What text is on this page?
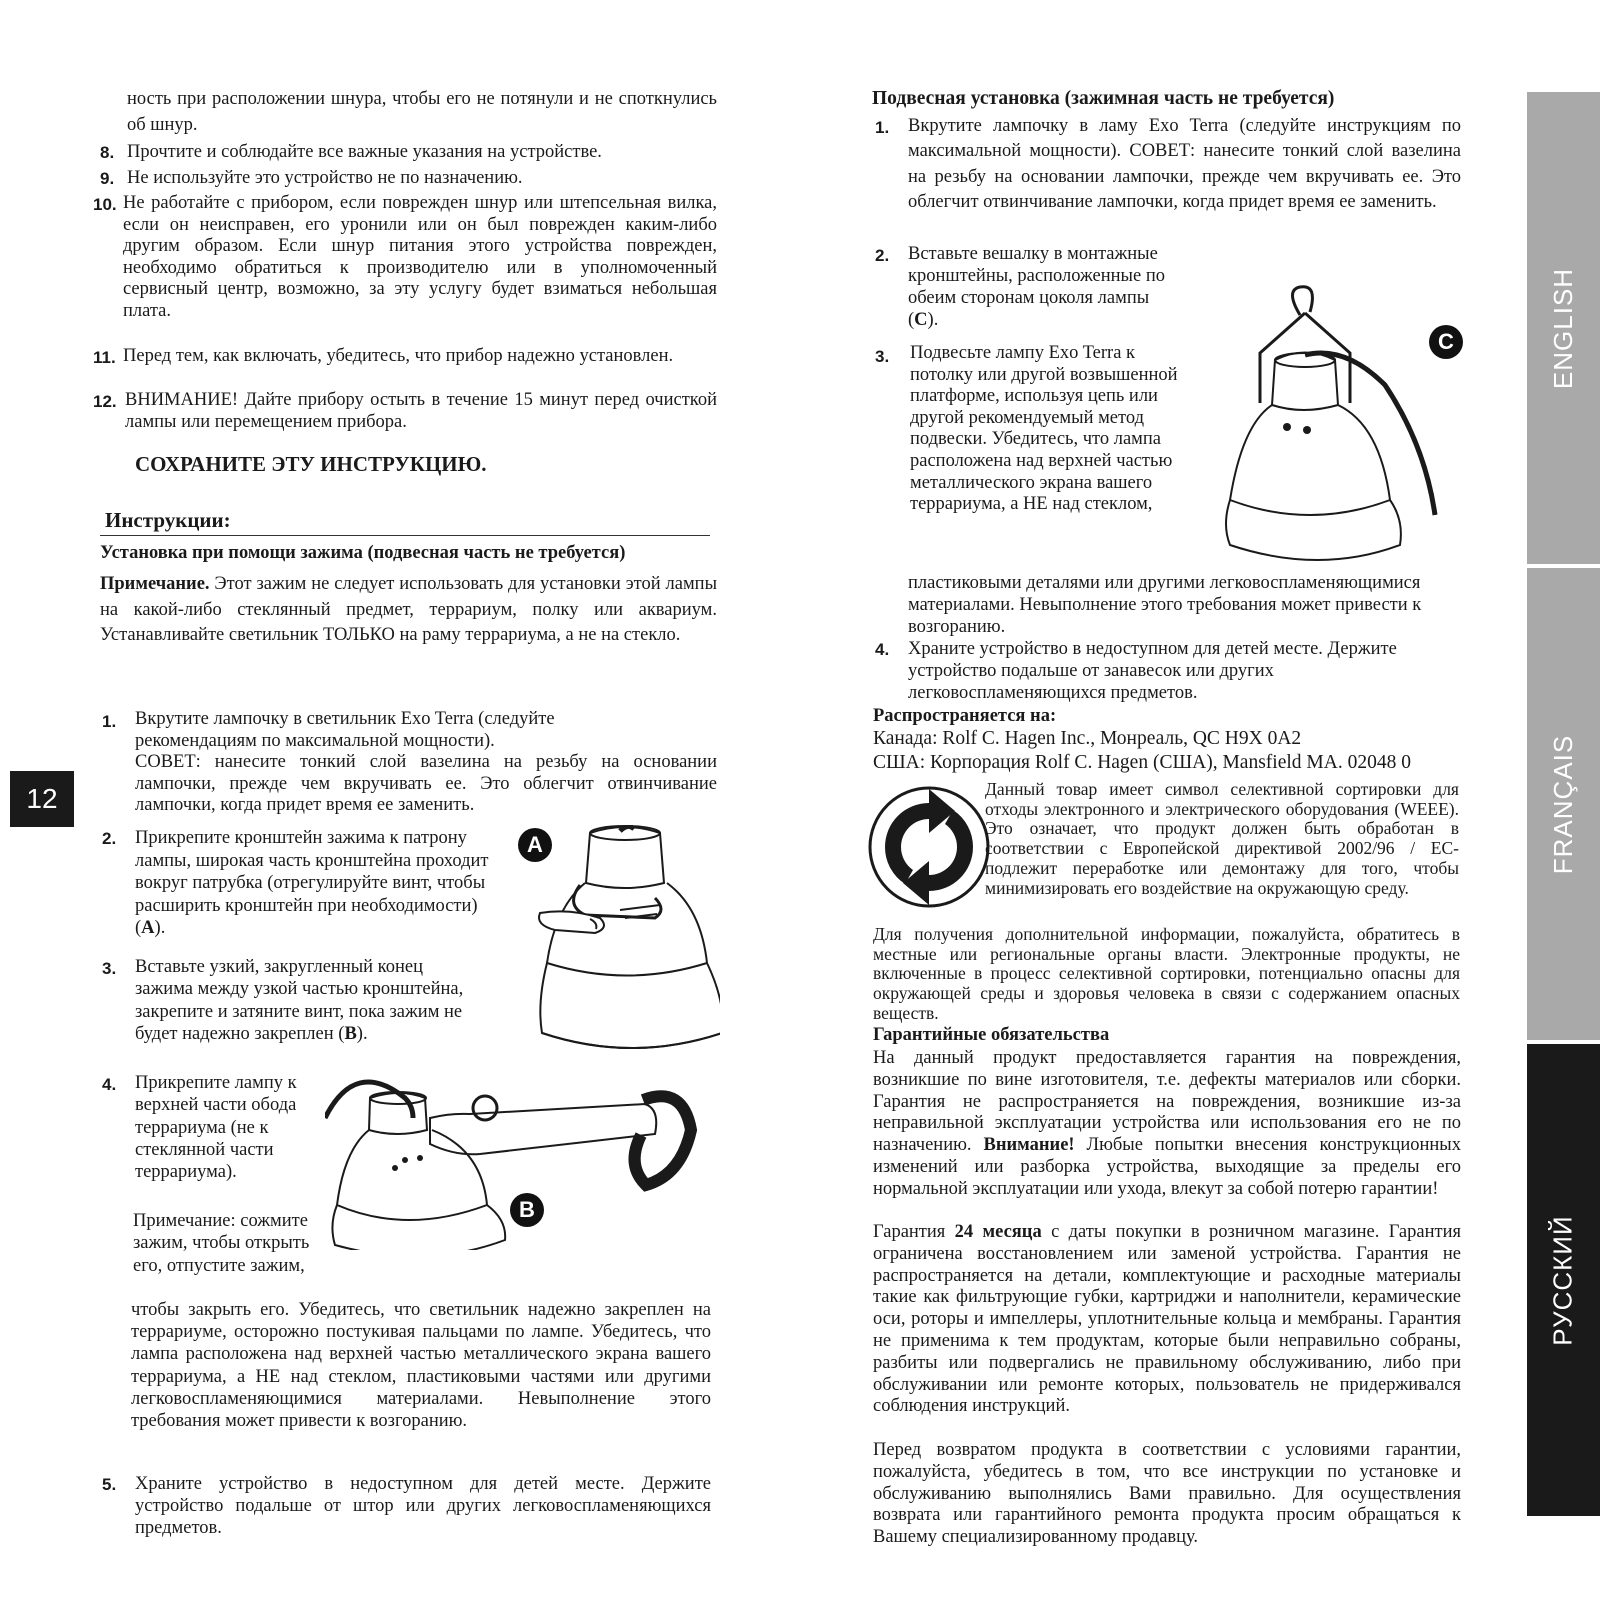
12
ENGLISH
FRANÇAIS
РУССКИЙ
ность при расположении шнура, чтобы его не потянули и не споткнулись об шнур.
8. Прочтите и соблюдайте все важные указания на устройстве.
9. Не используйте это устройство не по назначению.
10. Не работайте с прибором, если поврежден шнур или штепсельная вилка, если он неисправен, его уронили или он был поврежден каким-либо другим образом. Если шнур питания этого устройства поврежден, необходимо обратиться к производителю или в уполномоченный сервисный центр, возможно, за эту услугу будет взиматься небольшая плата.
11. Перед тем, как включать, убедитесь, что прибор надежно установлен.
12. ВНИМАНИЕ! Дайте прибору остыть в течение 15 минут перед очисткой лампы или перемещением прибора.
СОХРАНИТЕ ЭТУ ИНСТРУКЦИЮ.
Инструкции:
Установка при помощи зажима (подвесная часть не требуется)
Примечание. Этот зажим не следует использовать для установки этой лампы на какой-либо стеклянный предмет, террариум, полку или аквариум. Устанавливайте светильник ТОЛЬКО на раму террариума, а не на стекло.
1. Вкрутите лампочку в светильник Exo Terra (следуйте рекомендациям по максимальной мощности).
СОВЕТ: нанесите тонкий слой вазелина на резьбу на основании лампочки, прежде чем вкручивать ее. Это облегчит отвинчивание лампочки, когда придет время ее заменить.
2. Прикрепите кронштейн зажима к патрону лампы, широкая часть кронштейна проходит вокруг патрубка (отрегулируйте винт, чтобы расширить кронштейн при необходимости) (A).
3. Вставьте узкий, закругленный конец зажима между узкой частью кронштейна, закрепите и затяните винт, пока зажим не будет надежно закреплен (B).
4. Прикрепите лампу к верхней части обода террариума (не к стеклянной части террариума).
Примечание: сожмите зажим, чтобы открыть его, отпустите зажим,
чтобы закрыть его. Убедитесь, что светильник надежно закреплен на террариуме, осторожно постукивая пальцами по лампе. Убедитесь, что лампа расположена над верхней частью металлического экрана вашего террариума, а НЕ над стеклом, пластиковыми частями или другими легковоспламеняющимися материалами. Невыполнение этого требования может привести к возгоранию.
5. Храните устройство в недоступном для детей месте. Держите устройство подальше от штор или других легковоспламеняющихся предметов.
A
B
Подвесная установка (зажимная часть не требуется)
1. Вкрутите лампочку в ламу Exo Terra (следуйте инструкциям по максимальной мощности). СОВЕТ: нанесите тонкий слой вазелина на резьбу на основании лампочки, прежде чем вкручивать ее. Это облегчит отвинчивание лампочки, когда придет время ее заменить.
2. Вставьте вешалку в монтажные кронштейны, расположенные по обеим сторонам цоколя лампы (C).
3. Подвесьте лампу Exo Terra к потолку или другой возвышенной платформе, используя цепь или другой рекомендуемый метод подвески. Убедитесь, что лампа расположена над верхней частью металлического экрана вашего террариума, а НЕ над стеклом,
пластиковыми деталями или другими легковоспламеняющимися материалами. Невыполнение этого требования может привести к возгоранию.
4. Храните устройство в недоступном для детей месте. Держите устройство подальше от занавесок или других легковоспламеняющихся предметов.
C
Распространяется на:
Канада: Rolf C. Hagen Inc., Монреаль, QC H9X 0A2
США: Корпорация Rolf C. Hagen (США), Mansfield MA. 02048 0
Данный товар имеет символ селективной сортировки для отходы электронного и электрического оборудования (WEEE). Это означает, что продукт должен быть обработан в соответствии с Европейской директивой 2002/96 / EC- подлежит переработке или демонтажу для того, чтобы минимизировать его воздействие на окружающую среду.
Для получения дополнительной информации, пожалуйста, обратитесь в местные или региональные органы власти. Электронные продукты, не включенные в процесс селективной сортировки, потенциально опасны для окружающей среды и здоровья человека в связи с содержанием опасных веществ.
Гарантийные обязательства
На данный продукт предоставляется гарантия на повреждения, возникшие по вине изготовителя, т.е. дефекты материалов или сборки. Гарантия не распространяется на повреждения, возникшие из-за неправильной эксплуатации устройства или использования его не по назначению. Внимание! Любые попытки внесения конструкционных изменений или разборка устройства, выходящие за пределы его нормальной эксплуатации или ухода, влекут за собой потерю гарантии!
Гарантия 24 месяца с даты покупки в розничном магазине. Гарантия ограничена восстановлением или заменой устройства. Гарантия не распространяется на детали, комплектующие и расходные материалы такие как фильтрующие губки, картриджи и наполнители, керамические оси, роторы и импеллеры, уплотнительные кольца и мембраны. Гарантия не применима к тем продуктам, которые были неправильно собраны, разбиты или подвергались не правильному обслуживанию, либо при обслуживании или ремонте которых, пользователь не придерживался соблюдения инструкций.
Перед возвратом продукта в соответствии с условиями гарантии, пожалуйста, убедитесь в том, что все инструкции по установке и обслуживанию выполнялись Вами правильно. Для осуществления возврата или гарантийного ремонта продукта просим обращаться к Вашему специализированному продавцу.
